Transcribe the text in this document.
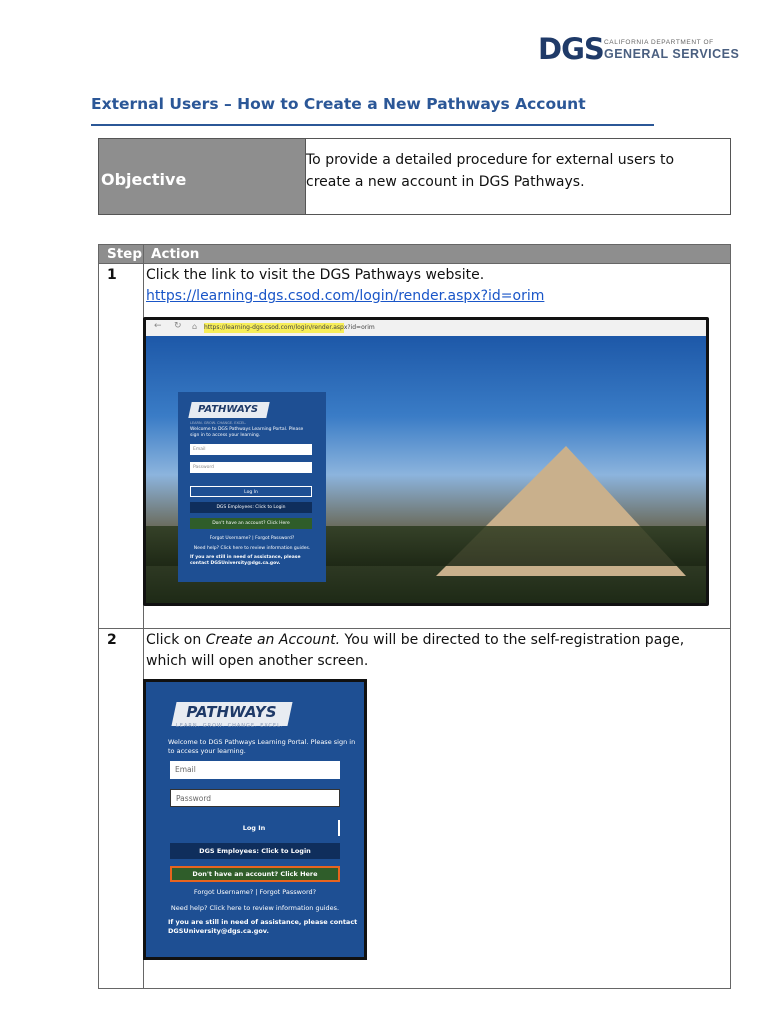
DGS CALIFORNIA DEPARTMENT OF
GENERAL SERVICES
External Users – How to Create a New Pathways Account
Objective
To provide a detailed procedure for external users to create a new account in DGS Pathways.
Step Action
1 Click the link to visit the DGS Pathways website.
https://learning-dgs.csod.com/login/render.aspx?id=orim
2 Click on Create an Account. You will be directed to the self-registration page, which will open another screen.
← ↻ ⌂ https://learning-dgs.csod.com/login/render.aspx?id=orim
PATHWAYS
LEARN. GROW. CHANGE. EXCEL.
Welcome to DGS Pathways Learning Portal. Please sign in to access your learning.
Email
Password
Log In
DGS Employees: Click to Login
Don't have an account? Click Here
Forgot Username? | Forgot Password?
Need help? Click here to review information guides.
If you are still in need of assistance, please contact DGSUniversity@dgs.ca.gov.
PATHWAYS
LEARN. GROW. CHANGE. EXCEL.
Welcome to DGS Pathways Learning Portal. Please sign in to access your learning.
Email
Password
Log In
DGS Employees: Click to Login
Don't have an account? Click Here
Forgot Username? | Forgot Password?
Need help? Click here to review information guides.
If you are still in need of assistance, please contact DGSUniversity@dgs.ca.gov.
